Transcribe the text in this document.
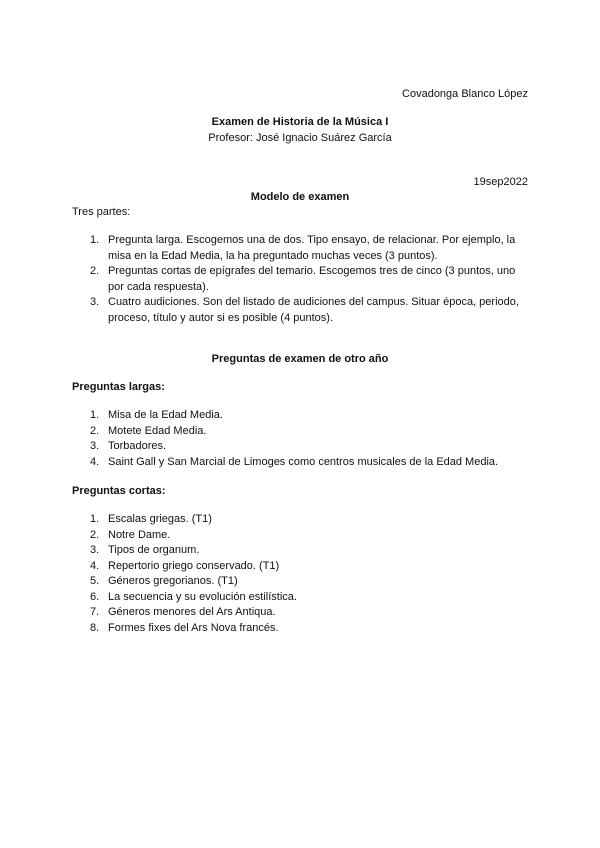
Covadonga Blanco López
Examen de Historia de la Música I
Profesor: José Ignacio Suárez García
19sep2022
Modelo de examen
Tres partes:
1. Pregunta larga. Escogemos una de dos. Tipo ensayo, de relacionar. Por ejemplo, la misa en la Edad Media, la ha preguntado muchas veces (3 puntos).
2. Preguntas cortas de epígrafes del temario. Escogemos tres de cinco (3 puntos, uno por cada respuesta).
3. Cuatro audiciones. Son del listado de audiciones del campus. Situar época, periodo, proceso, título y autor si es posible (4 puntos).
Preguntas de examen de otro año
Preguntas largas:
1. Misa de la Edad Media.
2. Motete Edad Media.
3. Torbadores.
4. Saint Gall y San Marcial de Limoges como centros musicales de la Edad Media.
Preguntas cortas:
1. Escalas griegas. (T1)
2. Notre Dame.
3. Tipos de organum.
4. Repertorio griego conservado. (T1)
5. Géneros gregorianos. (T1)
6. La secuencia y su evolución estilística.
7. Géneros menores del Ars Antiqua.
8. Formes fixes del Ars Nova francés.
